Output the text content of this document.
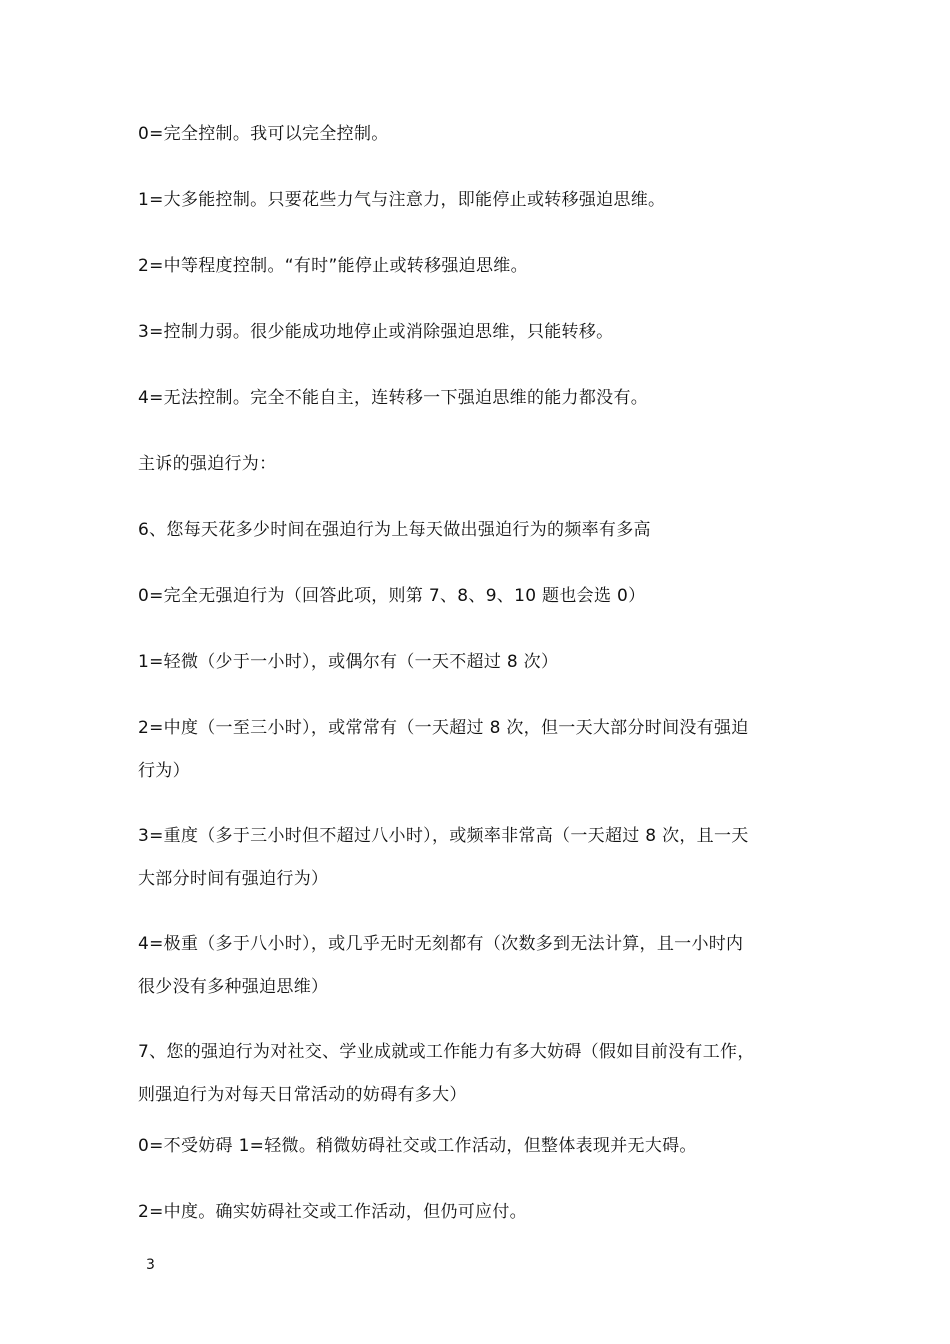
0=完全控制。我可以完全控制。
1=大多能控制。只要花些力气与注意力，即能停止或转移强迫思维。
2=中等程度控制。“有时”能停止或转移强迫思维。
3=控制力弱。很少能成功地停止或消除强迫思维，只能转移。
4=无法控制。完全不能自主，连转移一下强迫思维的能力都没有。
主诉的强迫行为：
6、您每天花多少时间在强迫行为上每天做出强迫行为的频率有多高
0=完全无强迫行为（回答此项，则第 7、8、9、10 题也会选 0）
1=轻微（少于一小时），或偶尔有（一天不超过 8 次）
2=中度（一至三小时），或常常有（一天超过 8 次，但一天大部分时间没有强迫
行为）
3=重度（多于三小时但不超过八小时），或频率非常高（一天超过 8 次，且一天
大部分时间有强迫行为）
4=极重（多于八小时），或几乎无时无刻都有（次数多到无法计算，且一小时内
很少没有多种强迫思维）
7、您的强迫行为对社交、学业成就或工作能力有多大妨碍（假如目前没有工作，
则强迫行为对每天日常活动的妨碍有多大）
0=不受妨碍 1=轻微。稍微妨碍社交或工作活动，但整体表现并无大碍。
2=中度。确实妨碍社交或工作活动，但仍可应付。
3
